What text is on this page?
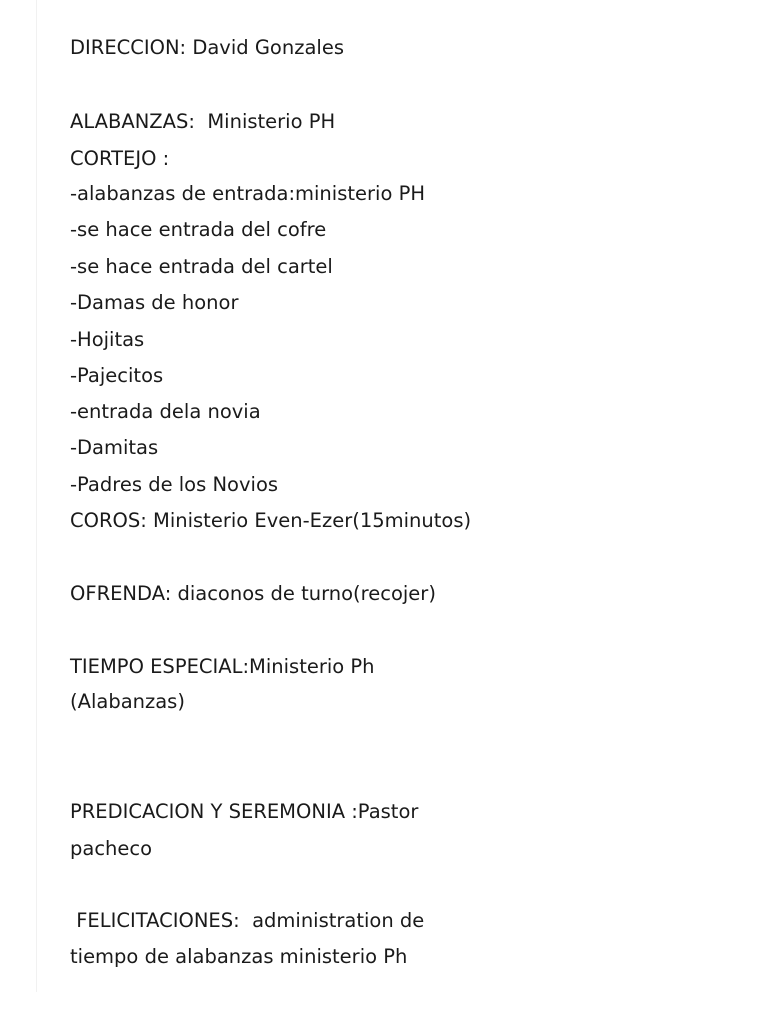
DIRECCION: David Gonzales

ALABANZAS:  Ministerio PH

CORTEJO :

-alabanzas de entrada:ministerio PH

-se hace entrada del cofre

-se hace entrada del cartel

-Damas de honor

-Hojitas

-Pajecitos

-entrada dela novia

-Damitas

-Padres de los Novios

COROS: Ministerio Even-Ezer(15minutos)

OFRENDA: diaconos de turno(recojer)

TIEMPO ESPECIAL:Ministerio Ph

(Alabanzas)

PREDICACION Y SEREMONIA :Pastor

pacheco

FELICITACIONES:  administration de

tiempo de alabanzas ministerio Ph
